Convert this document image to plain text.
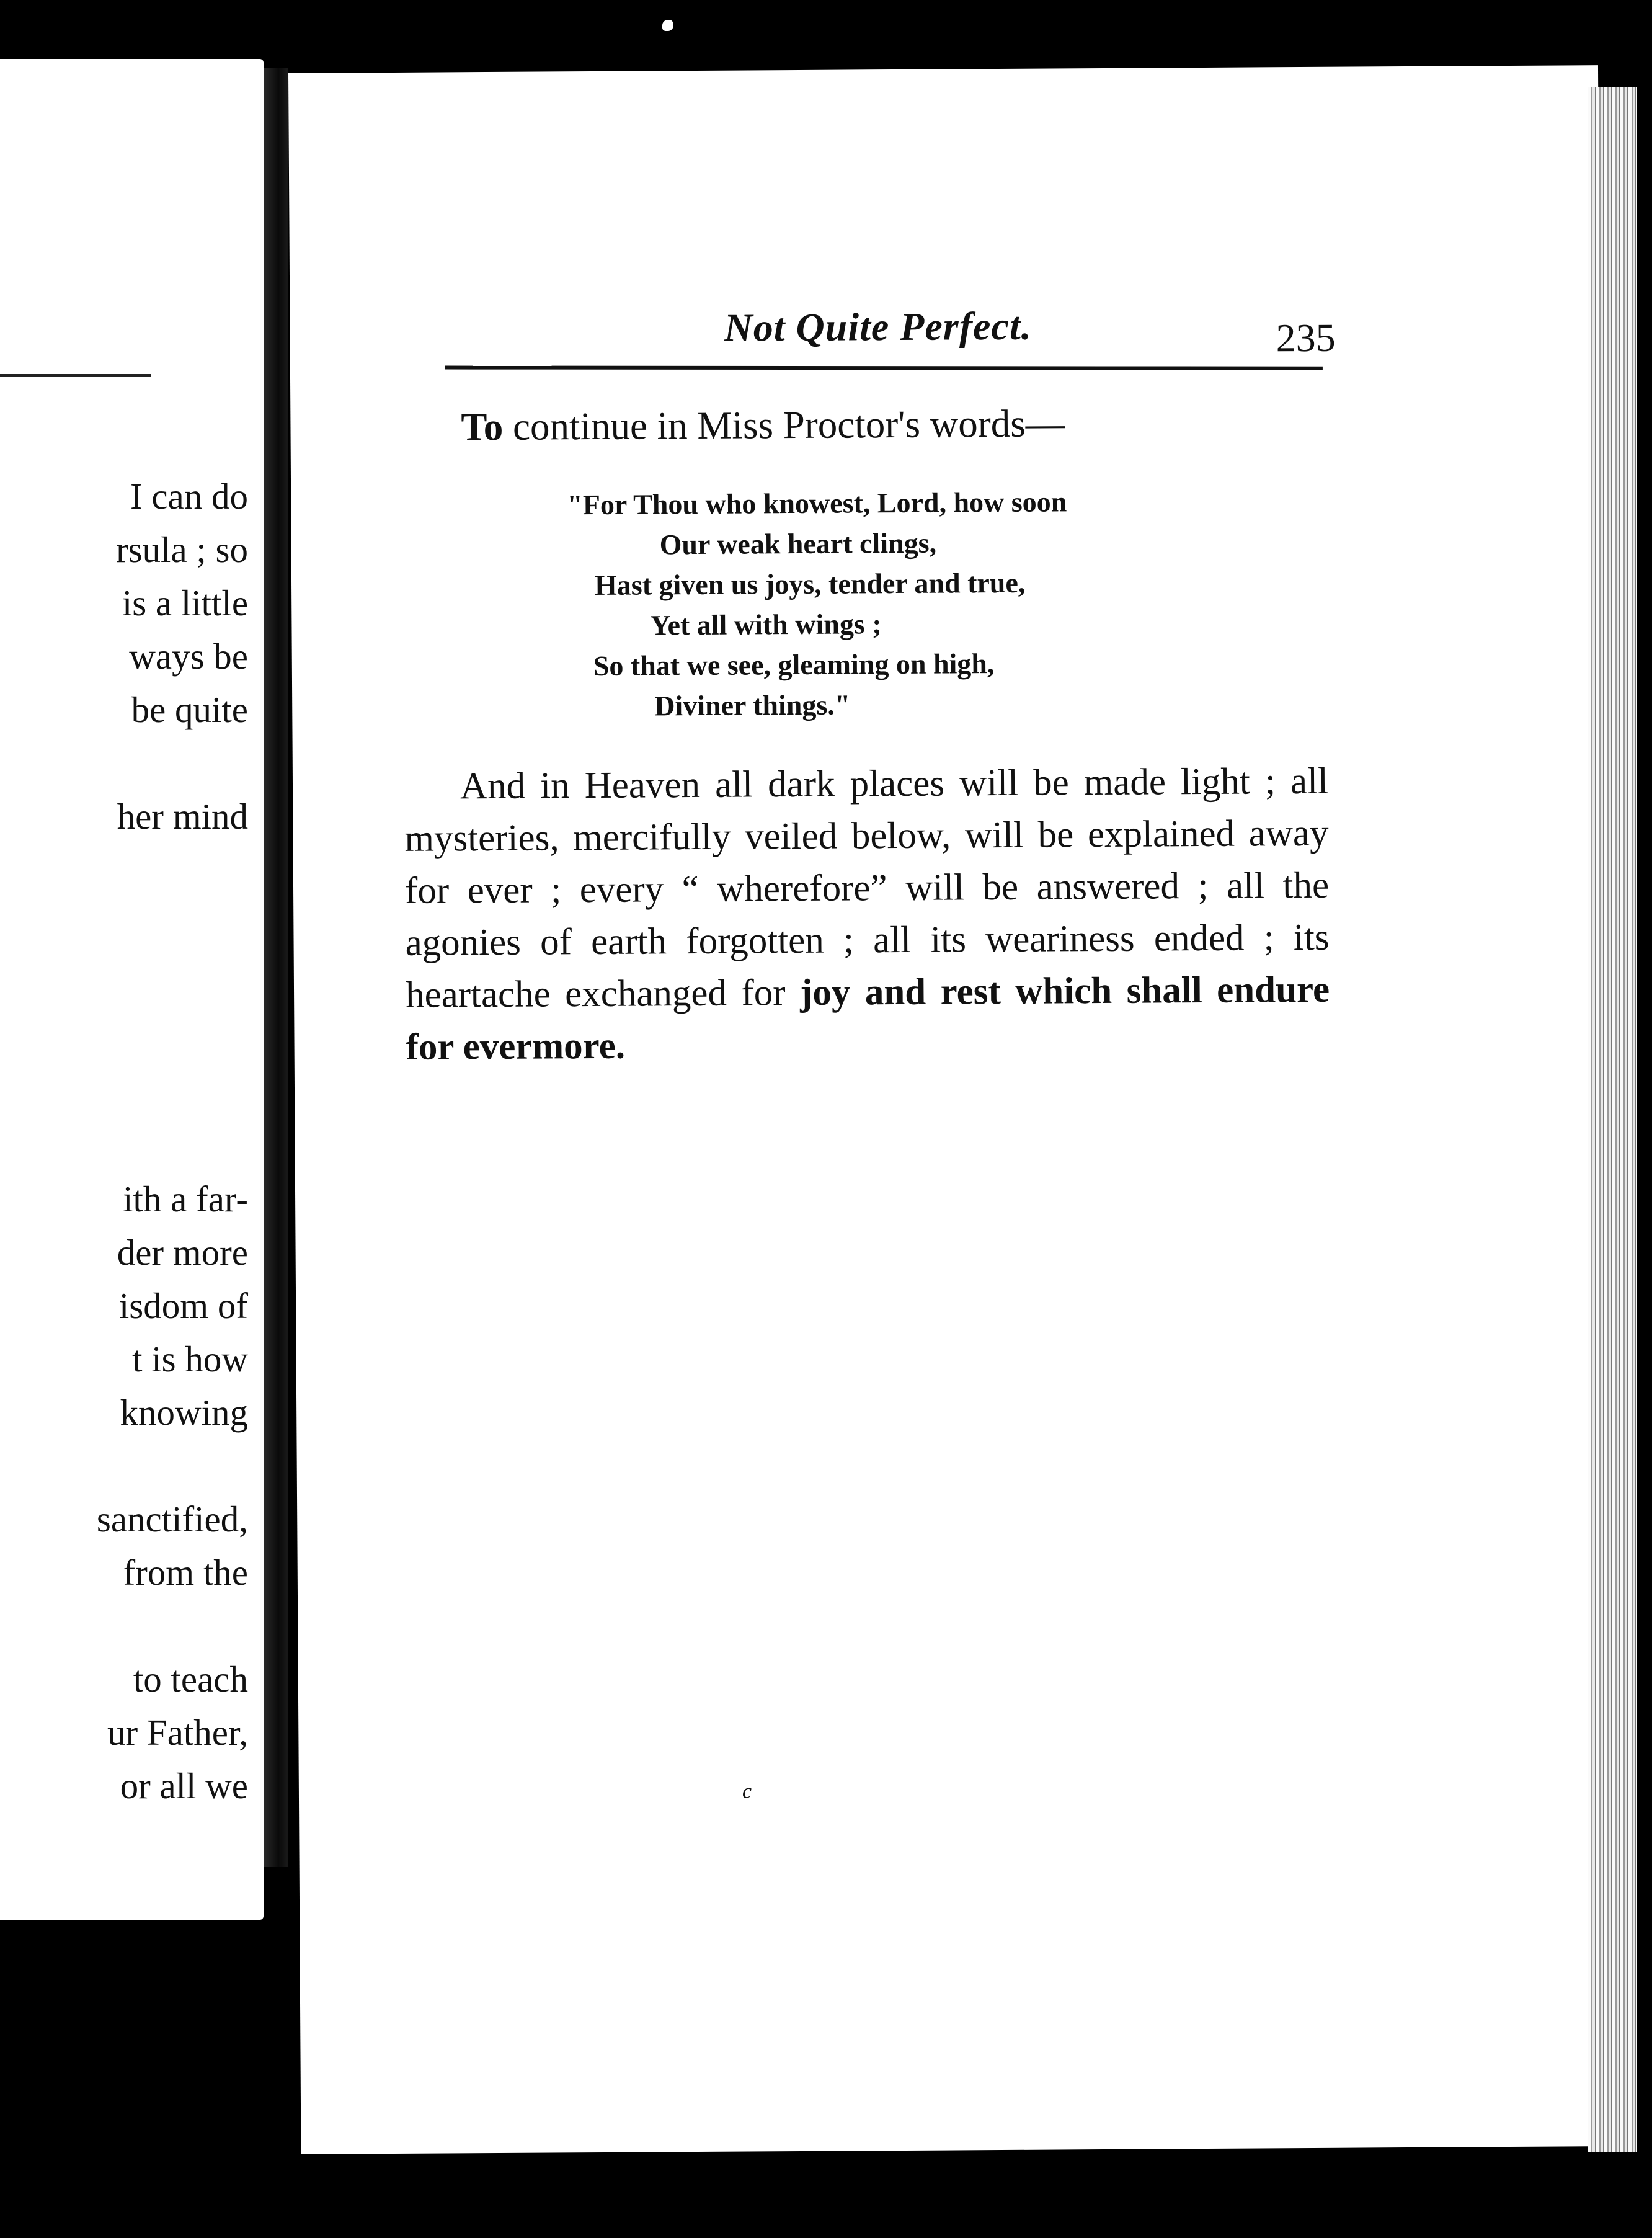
I can do

rsula ; so

is a little

ways be

be quite

her mind

ith a far-

der more

isdom of

t is how

knowing

sanctified,

from the

to teach

ur Father,

or all we

Not Quite Perfect.	235

To continue in Miss Proctor's words—

"For Thou who knowest, Lord, how soon

Our weak heart clings,

Hast given us joys, tender and true,

Yet all with wings ;

So that we see, gleaming on high,

Diviner things."

And in Heaven all dark places will be made light ; all mysteries, mercifully veiled below, will be explained away for ever ; every “ wherefore” will be answered ; all the agonies of earth forgotten ; all its weariness ended ; its heartache exchanged for joy and rest which shall endure for evermore.

c
